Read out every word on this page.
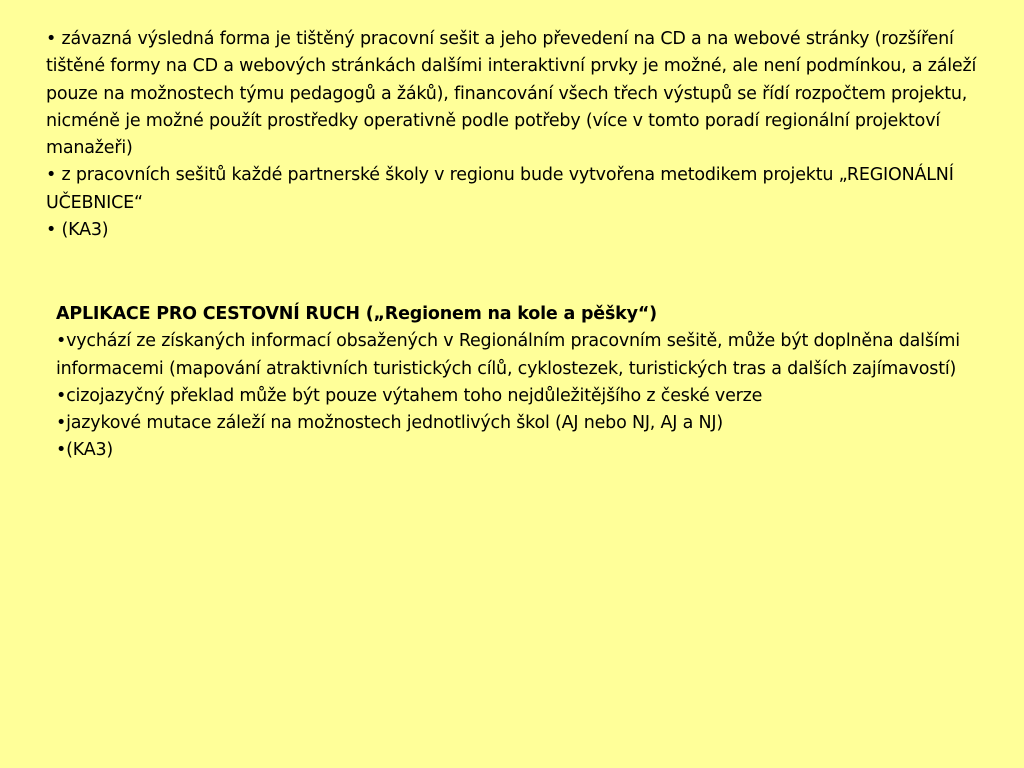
• závazná výsledná forma je tištěný pracovní sešit a jeho převedení na CD a na webové stránky (rozšíření tištěné formy na CD a webových stránkách dalšími interaktivní prvky je možné, ale není podmínkou, a záleží pouze na možnostech týmu pedagogů a žáků), financování všech třech výstupů se řídí rozpočtem projektu, nicméně je možné použít prostředky operativně podle potřeby (více v tomto poradí regionální projektoví manažeři)

• z pracovních sešitů každé partnerské školy v regionu bude vytvořena metodikem projektu „REGIONÁLNÍ UČEBNICE“

• (KA3)

APLIKACE PRO CESTOVNÍ RUCH („Regionem na kole a pěšky“)

•vychází ze získaných informací obsažených v Regionálním pracovním sešitě, může být doplněna dalšími informacemi (mapování atraktivních turistických cílů, cyklostezek, turistických tras a dalších zajímavostí)

•cizojazyčný překlad může být pouze výtahem toho nejdůležitějšího z české verze

•jazykové mutace záleží na možnostech jednotlivých škol (AJ nebo NJ, AJ a NJ)

•(KA3)
